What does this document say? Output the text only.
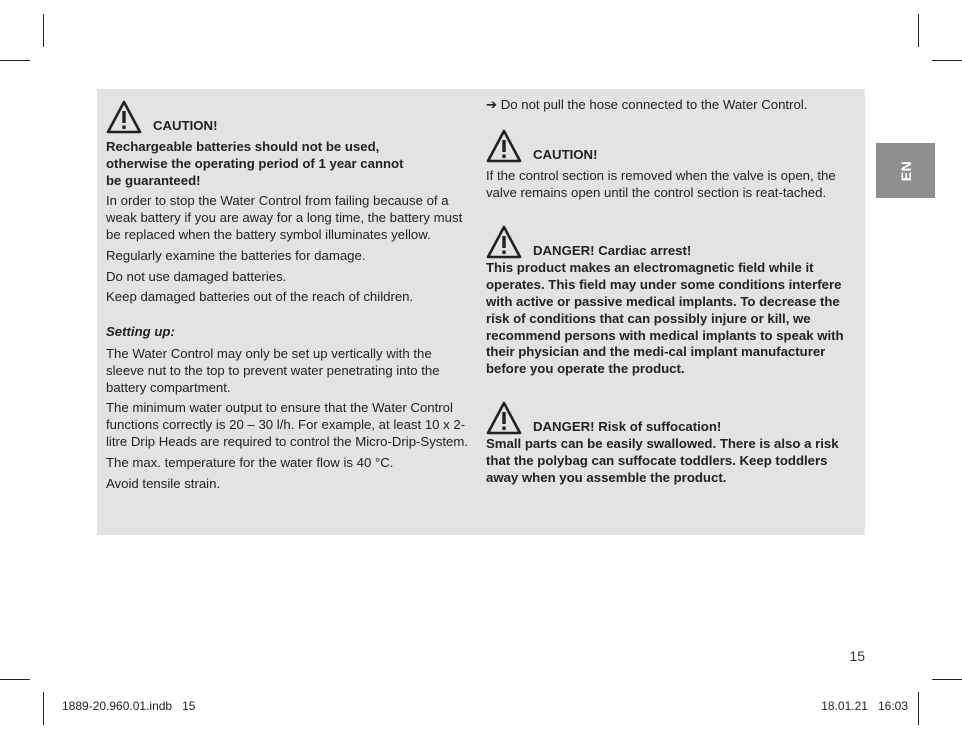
CAUTION!

Rechargeable batteries should not be used,
otherwise the operating period of 1 year cannot
be guaranteed!

In order to stop the Water Control from failing because of a weak battery if you are away for a long time, the battery must be replaced when the battery symbol illuminates yellow.

Regularly examine the batteries for damage.

Do not use damaged batteries.

Keep damaged batteries out of the reach of children.

Setting up:

The Water Control may only be set up vertically with the sleeve nut to the top to prevent water penetrating into the battery compartment.

The minimum water output to ensure that the Water Control functions correctly is 20 – 30 l/h. For example, at least 10 x 2-litre Drip Heads are required to control the Micro-Drip-System.

The max. temperature for the water flow is 40 °C.

Avoid tensile strain.

➔ Do not pull the hose connected to the Water Control.

CAUTION!

If the control section is removed when the valve is open, the valve remains open until the control section is reat-tached.

DANGER! Cardiac arrest!

This product makes an electromagnetic field while it operates. This field may under some conditions interfere with active or passive medical implants. To decrease the risk of conditions that can possibly injure or kill, we recommend persons with medical implants to speak with their physician and the medi-cal implant manufacturer before you operate the product.

DANGER! Risk of suffocation!

Small parts can be easily swallowed. There is also a risk that the polybag can suffocate toddlers. Keep toddlers away when you assemble the product.

EN
15
1889-20.960.01.indb   15	18.01.21   16:03
